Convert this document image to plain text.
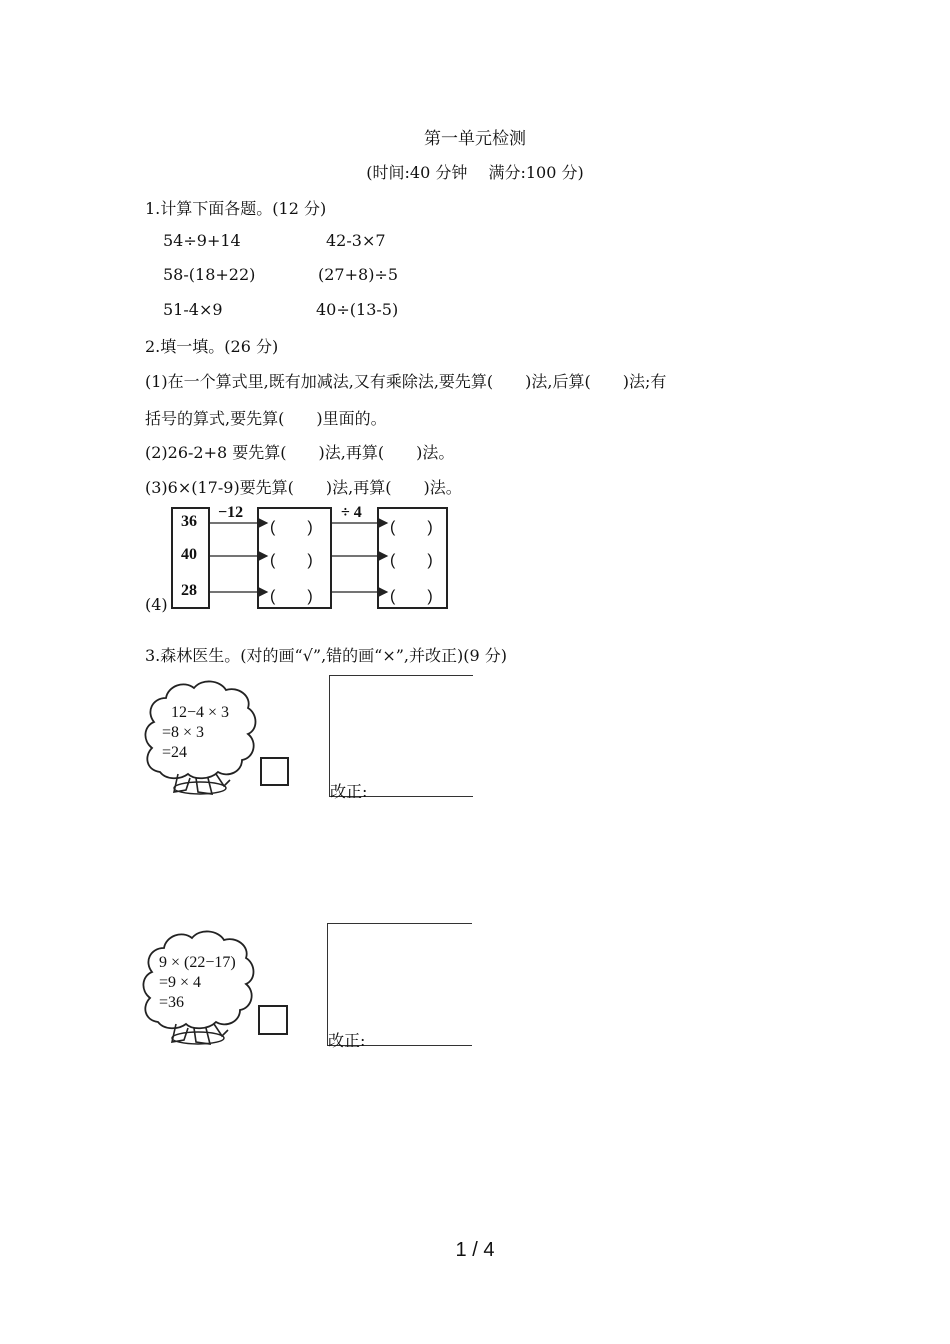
第一单元检测
(时间:40 分钟　 满分:100 分)
1.计算下面各题。(12 分)
54÷9+14	42-3×7
58-(18+22)	(27+8)÷5
51-4×9	40÷(13-5)
2.填一填。(26 分)
(1)在一个算式里,既有加减法,又有乘除法,要先算(　　)法,后算(　　)法;有
括号的算式,要先算(　　)里面的。
(2)26-2+8 要先算(　　)法,再算(　　)法。
(3)6×(17-9)要先算(　　)法,再算(　　)法。
(4)
36
40
28
−12	÷ 4
(　　)
(　　)
(　　)
(　　)
(　　)
(　　)
3.森林医生。(对的画“√”,错的画“×”,并改正)(9 分)
12−4 × 3
=8 × 3
=24
改正:
9 × (22−17)
=9 × 4
=36
改正:
1 / 4
